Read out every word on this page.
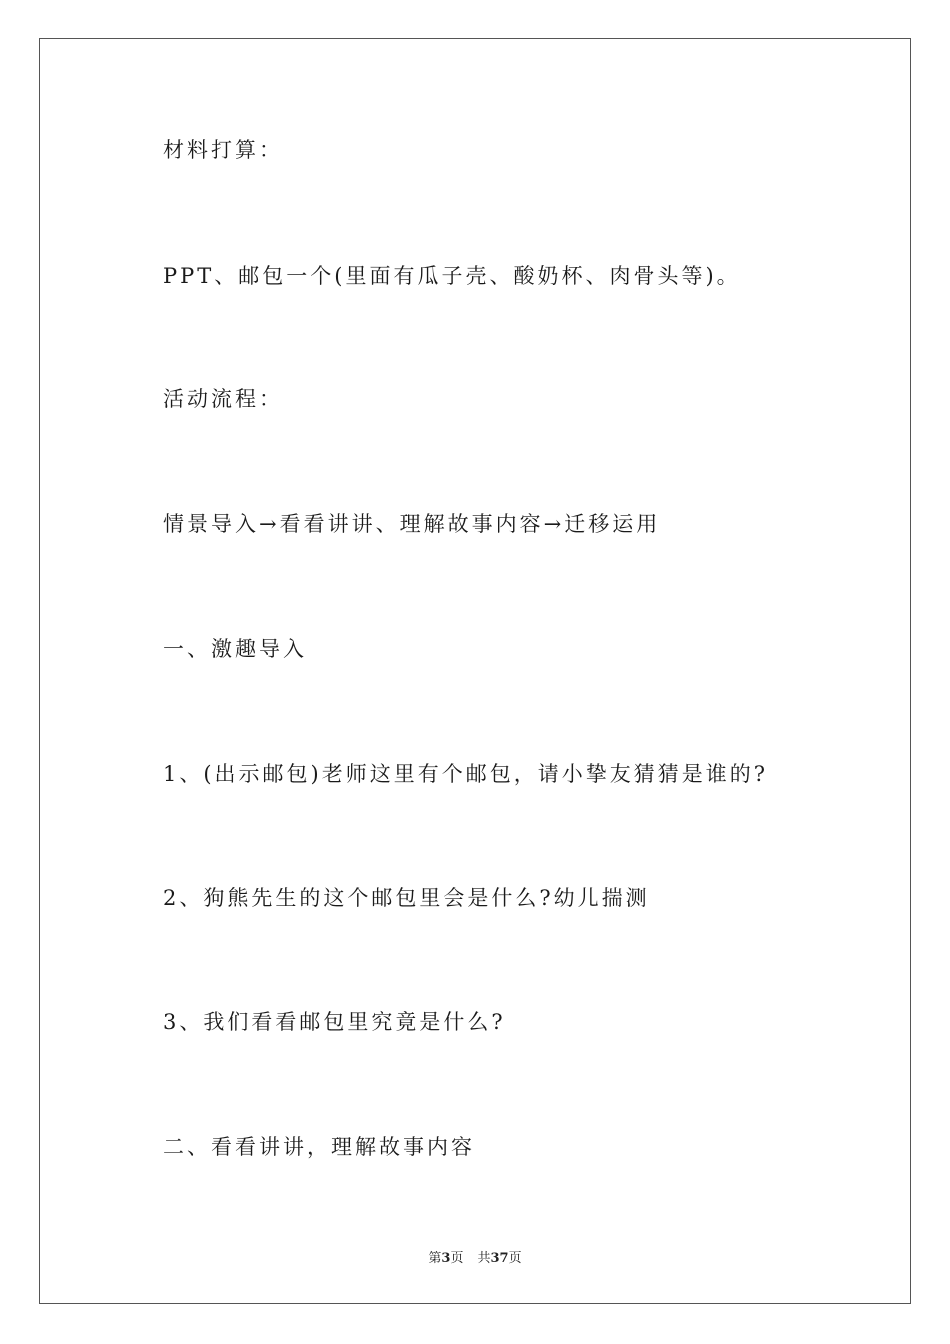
材料打算：
PPT、邮包一个(里面有瓜子壳、酸奶杯、肉骨头等)。
活动流程：
情景导入→看看讲讲、理解故事内容→迁移运用
一、激趣导入
1、(出示邮包)老师这里有个邮包，请小挚友猜猜是谁的?
2、狗熊先生的这个邮包里会是什么?幼儿揣测
3、我们看看邮包里究竟是什么?
二、看看讲讲，理解故事内容
第3页 共37页
